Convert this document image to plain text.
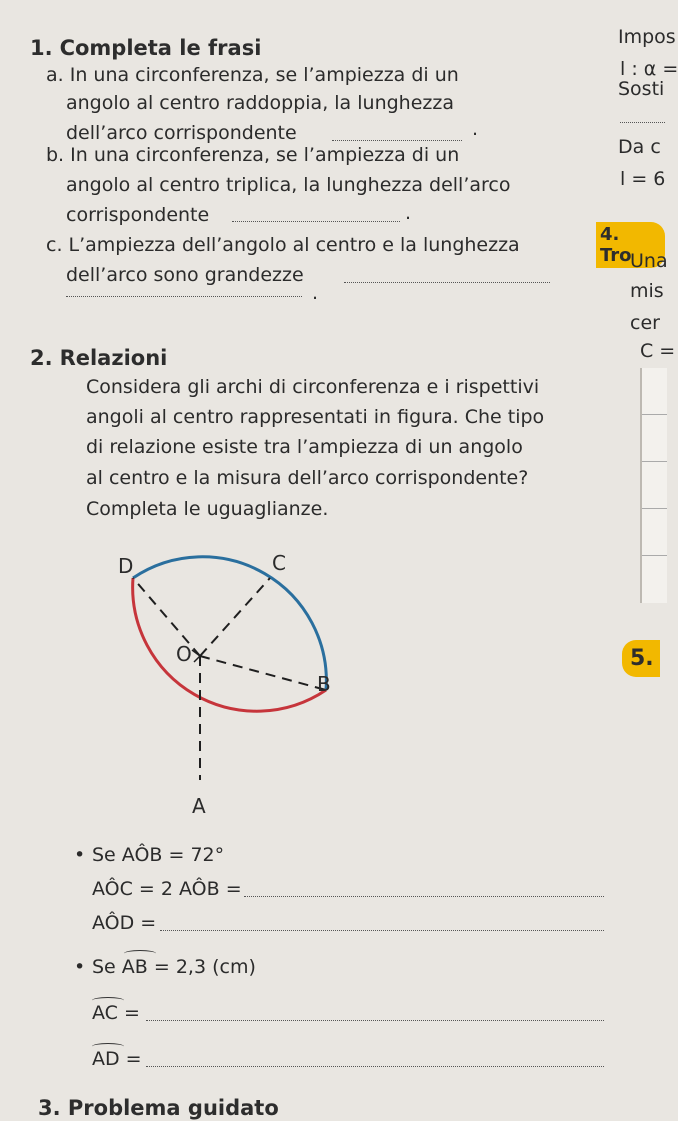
1. Completa le frasi
a. In una circonferenza, se l’ampiezza di un
angolo al centro raddoppia, la lunghezza
dell’arco corrispondente	.
b. In una circonferenza, se l’ampiezza di un
angolo al centro triplica, la lunghezza dell’arco
corrispondente	.
c. L’ampiezza dell’angolo al centro e la lunghezza
dell’arco sono grandezze
.
2. Relazioni
Considera gli archi di circonferenza e i rispettivi
angoli al centro rappresentati in figura. Che tipo
di relazione esiste tra l’ampiezza di un angolo
al centro e la misura dell’arco corrispondente?
Completa le uguaglianze.
D	C
O
B
A
• Se AÔB = 72°
AÔC = 2 AÔB =
AÔD =
• Se AB = 2,3 (cm)
AC =
AD =
3. Problema guidato
Impos
l : α =
Sosti
Da c
l = 6
4. Tro
Una
mis
cer
C =
5.
